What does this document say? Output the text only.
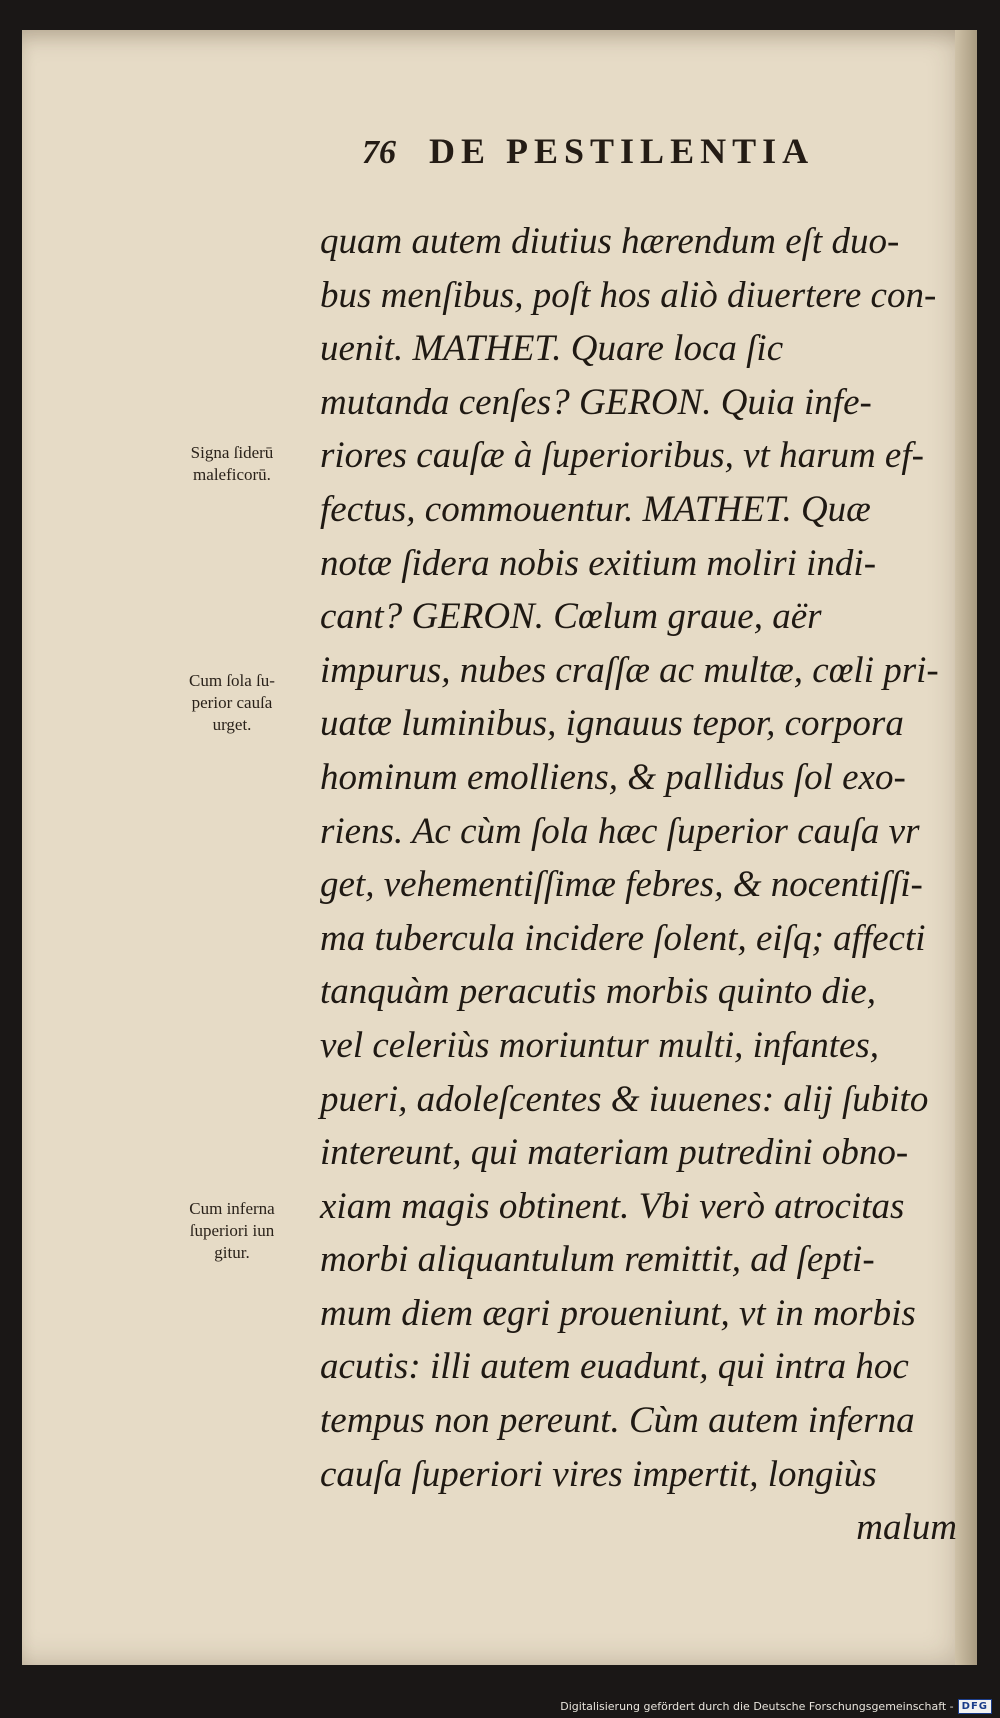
76 DE PESTILENTIA
quam autem diutius hærendum eſt duo-
bus menſibus, poſt hos aliò diuertere con-
uenit. MATHET. Quare loca ſic
mutanda cenſes? GERON. Quia infe-
riores cauſæ à ſuperioribus, vt harum ef-
fectus, commouentur. MATHET. Quæ
notæ ſidera nobis exitium moliri indi-
cant? GERON. Cœlum graue, aër
impurus, nubes craſſæ ac multæ, cœli pri-
uatæ luminibus, ignauus tepor, corpora
hominum emolliens, & pallidus ſol exo-
riens. Ac cùm ſola hæc ſuperior cauſa vr
get, vehementiſſimæ febres, & nocentiſſi-
ma tubercula incidere ſolent, eiſq; affecti
tanquàm peracutis morbis quinto die,
vel celeriùs moriuntur multi, infantes,
pueri, adoleſcentes & iuuenes: alij ſubito
intereunt, qui materiam putredini obno-
xiam magis obtinent. Vbi verò atrocitas
morbi aliquantulum remittit, ad ſepti-
mum diem ægri proueniunt, vt in morbis
acutis: illi autem euadunt, qui intra hoc
tempus non pereunt. Cùm autem inferna
cauſa ſuperiori vires impertit, longiùs
malum
Signa ſiderū
maleficorū.
Cum ſola ſu-
perior cauſa
urget.
Cum inferna
ſuperiori iun
gitur.
Digitalisierung gefördert durch die Deutsche Forschungsgemeinschaft - DFG
